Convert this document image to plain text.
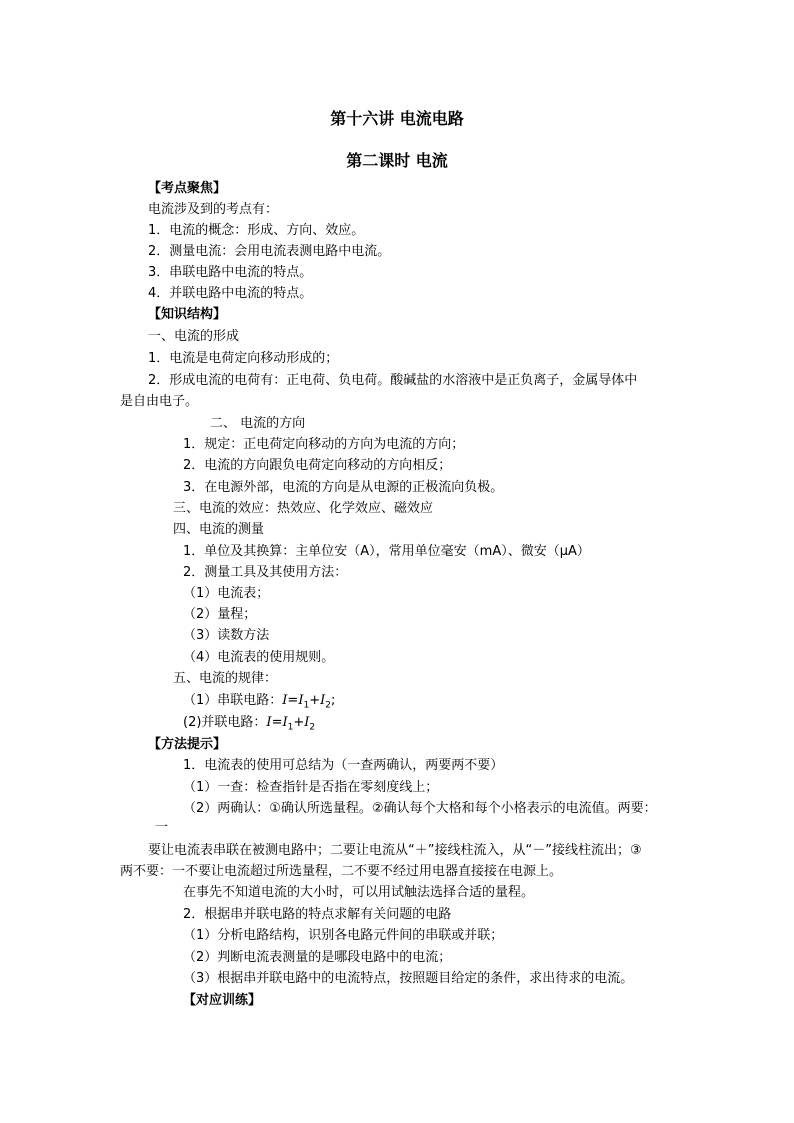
第十六讲 电流电路
第二课时 电流
【考点聚焦】
电流涉及到的考点有：
1．电流的概念：形成、方向、效应。
2．测量电流：会用电流表测电路中电流。
3．串联电路中电流的特点。
4．并联电路中电流的特点。
【知识结构】
一、电流的形成
1．电流是电荷定向移动形成的；
2．形成电流的电荷有：正电荷、负电荷。酸碱盐的水溶液中是正负离子，金属导体中
是自由电子。
二、 电流的方向
1．规定：正电荷定向移动的方向为电流的方向；
2．电流的方向跟负电荷定向移动的方向相反；
3．在电源外部，电流的方向是从电源的正极流向负极。
三、电流的效应：热效应、化学效应、磁效应
四、电流的测量
1．单位及其换算：主单位安（A），常用单位毫安（mA）、微安（μA）
2．测量工具及其使用方法：
（1）电流表；
（2）量程；
（3）读数方法
（4）电流表的使用规则。
五、电流的规律：
（1）串联电路：$I=I_1+I_2$;
(2)并联电路：$I=I_1+I_2$
【方法提示】
1．电流表的使用可总结为（一查两确认，两要两不要）
（1）一查：检查指针是否指在零刻度线上；
（2）两确认：①确认所选量程。②确认每个大格和每个小格表示的电流值。两要：
一
要让电流表串联在被测电路中；二要让电流从“＋”接线柱流入，从“－”接线柱流出；③
两不要：一不要让电流超过所选量程，二不要不经过用电器直接接在电源上。
在事先不知道电流的大小时，可以用试触法选择合适的量程。
2．根据串并联电路的特点求解有关问题的电路
（1）分析电路结构，识别各电路元件间的串联或并联；
（2）判断电流表测量的是哪段电路中的电流；
（3）根据串并联电路中的电流特点，按照题目给定的条件，求出待求的电流。
【对应训练】
